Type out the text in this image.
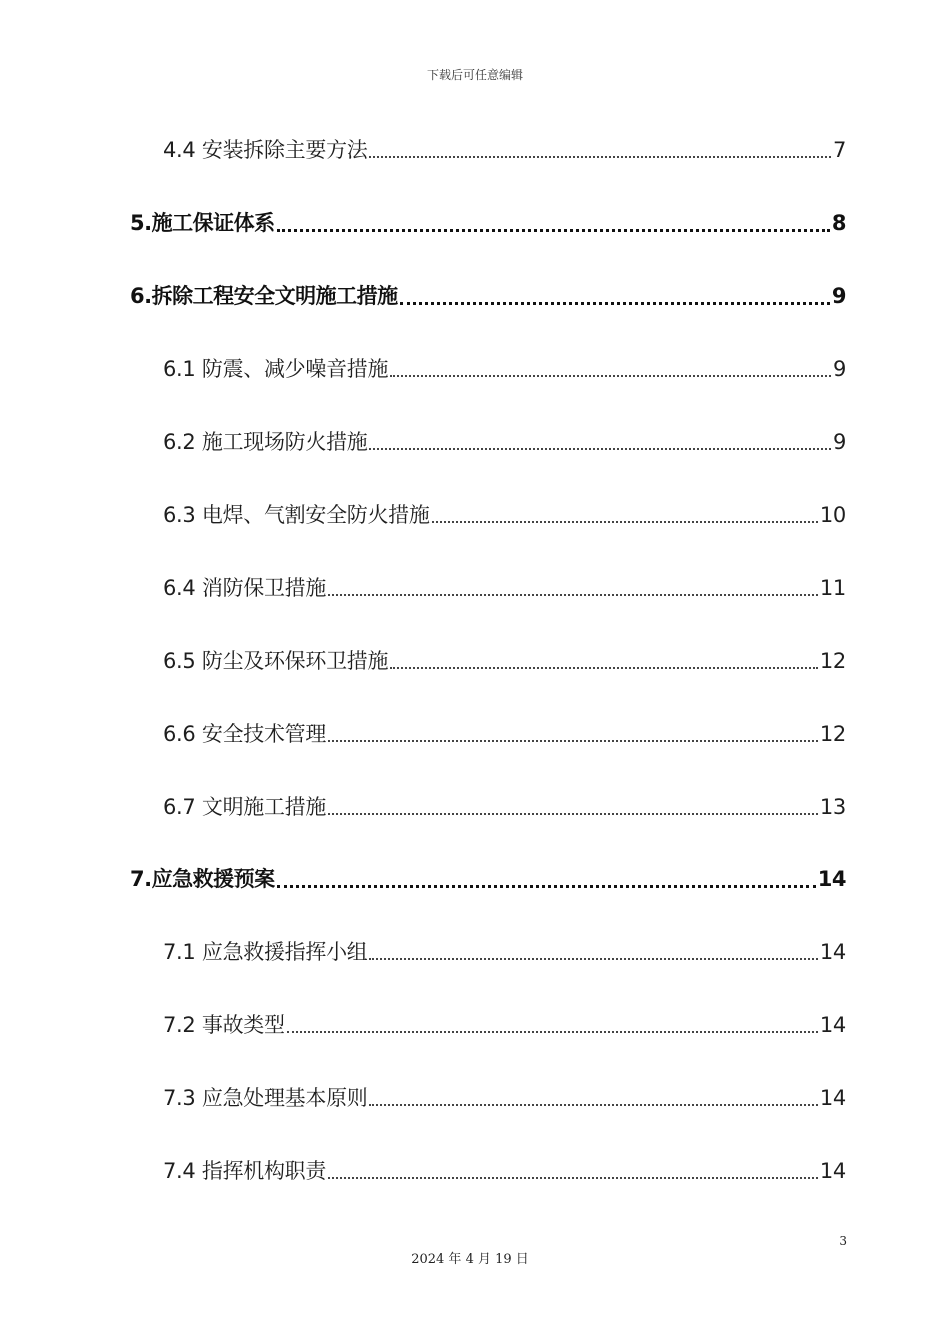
下载后可任意编辑
4.4 安装拆除主要方法	7
5.施工保证体系	8
6.拆除工程安全文明施工措施	9
6.1 防震、减少噪音措施	9
6.2 施工现场防火措施	9
6.3 电焊、气割安全防火措施	10
6.4 消防保卫措施	11
6.5 防尘及环保环卫措施	12
6.6 安全技术管理	12
6.7 文明施工措施	13
7.应急救援预案	14
7.1 应急救援指挥小组	14
7.2 事故类型	14
7.3 应急处理基本原则	14
7.4 指挥机构职责	14
3
2024 年 4 月 19 日
